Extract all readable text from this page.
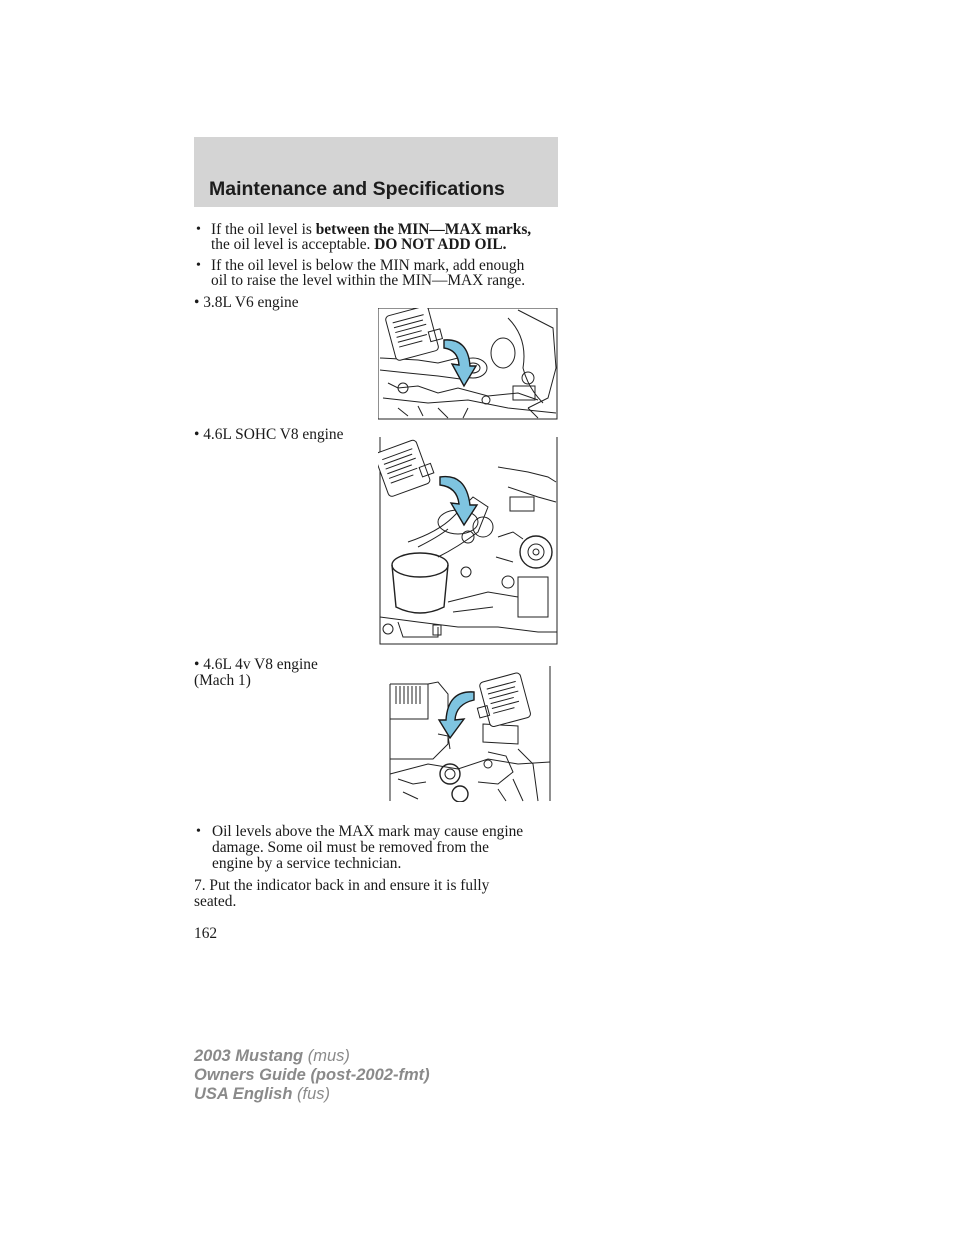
Maintenance and Specifications
• If the oil level is between the MIN—MAX marks,
the oil level is acceptable. DO NOT ADD OIL.
• If the oil level is below the MIN mark, add enough
oil to raise the level within the MIN—MAX range.
• 3.8L V6 engine
• 4.6L SOHC V8 engine
• 4.6L 4v V8 engine
(Mach 1)
• Oil levels above the MAX mark may cause engine
damage. Some oil must be removed from the
engine by a service technician.
7. Put the indicator back in and ensure it is fully
seated.
162
2003 Mustang (mus)
Owners Guide (post-2002-fmt)
USA English (fus)
